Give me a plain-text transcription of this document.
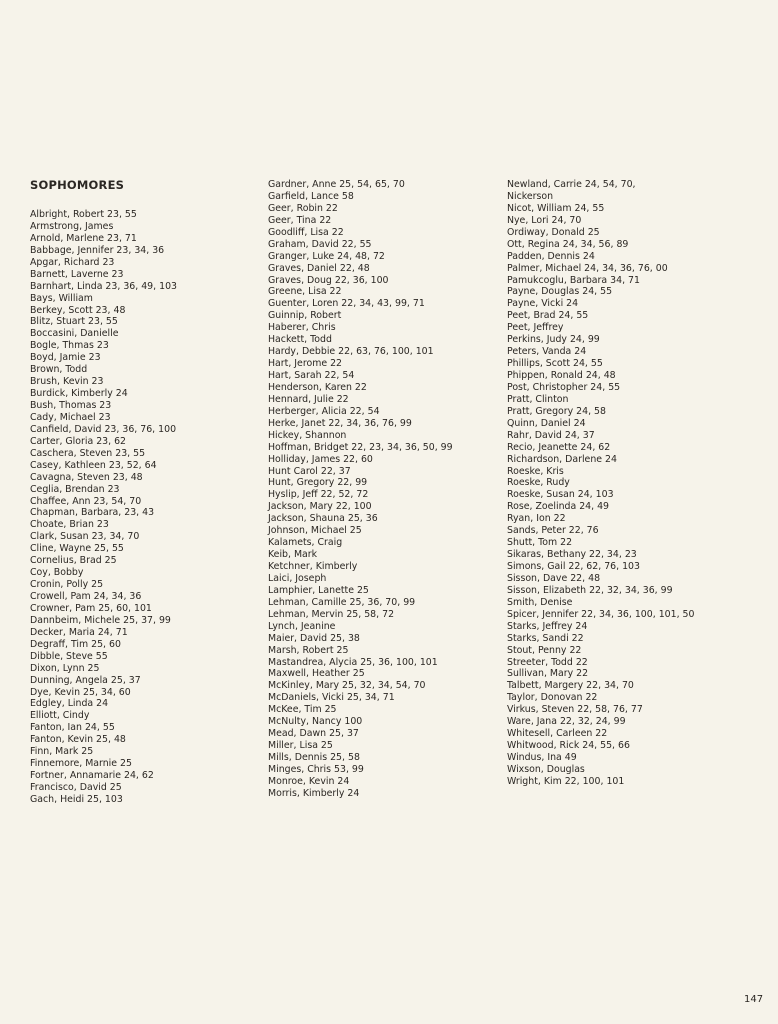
SOPHOMORES
Albright, Robert 23, 55
Armstrong, James
Arnold, Marlene 23, 71
Babbage, Jennifer 23, 34, 36
Apgar, Richard 23
Barnett, Laverne 23
Barnhart, Linda 23, 36, 49, 103
Bays, William
Berkey, Scott 23, 48
Blitz, Stuart 23, 55
Boccasini, Danielle
Bogle, Thmas 23
Boyd, Jamie 23
Brown, Todd
Brush, Kevin 23
Burdick, Kimberly 24
Bush, Thomas 23
Cady, Michael 23
Canfield, David 23, 36, 76, 100
Carter, Gloria 23, 62
Caschera, Steven 23, 55
Casey, Kathleen 23, 52, 64
Cavagna, Steven 23, 48
Ceglia, Brendan 23
Chaffee, Ann 23, 54, 70
Chapman, Barbara, 23, 43
Choate, Brian 23
Clark, Susan 23, 34, 70
Cline, Wayne 25, 55
Cornelius, Brad 25
Coy, Bobby
Cronin, Polly 25
Crowell, Pam 24, 34, 36
Crowner, Pam 25, 60, 101
Dannbeim, Michele 25, 37, 99
Decker, Maria 24, 71
Degraff, Tim 25, 60
Dibble, Steve 55
Dixon, Lynn 25
Dunning, Angela 25, 37
Dye, Kevin 25, 34, 60
Edgley, Linda 24
Elliott, Cindy
Fanton, Ian 24, 55
Fanton, Kevin 25, 48
Finn, Mark 25
Finnemore, Marnie 25
Fortner, Annamarie 24, 62
Francisco, David 25
Gach, Heidi 25, 103
Gardner, Anne 25, 54, 65, 70
Garfield, Lance 58
Geer, Robin 22
Geer, Tina 22
Goodliff, Lisa 22
Graham, David 22, 55
Granger, Luke 24, 48, 72
Graves, Daniel 22, 48
Graves, Doug 22, 36, 100
Greene, Lisa 22
Guenter, Loren 22, 34, 43, 99, 71
Guinnip, Robert
Haberer, Chris
Hackett, Todd
Hardy, Debbie 22, 63, 76, 100, 101
Hart, Jerome 22
Hart, Sarah 22, 54
Henderson, Karen 22
Hennard, Julie 22
Herberger, Alicia 22, 54
Herke, Janet 22, 34, 36, 76, 99
Hickey, Shannon
Hoffman, Bridget 22, 23, 34, 36, 50, 99
Holliday, James 22, 60
Hunt Carol 22, 37
Hunt, Gregory 22, 99
Hyslip, Jeff 22, 52, 72
Jackson, Mary 22, 100
Jackson, Shauna 25, 36
Johnson, Michael 25
Kalamets, Craig
Keib, Mark
Ketchner, Kimberly
Laici, Joseph
Lamphier, Lanette 25
Lehman, Camille 25, 36, 70, 99
Lehman, Mervin 25, 58, 72
Lynch, Jeanine
Maier, David 25, 38
Marsh, Robert 25
Mastandrea, Alycia 25, 36, 100, 101
Maxwell, Heather 25
McKinley, Mary 25, 32, 34, 54, 70
McDaniels, Vicki 25, 34, 71
McKee, Tim 25
McNulty, Nancy 100
Mead, Dawn 25, 37
Miller, Lisa 25
Mills, Dennis 25, 58
Minges, Chris 53, 99
Monroe, Kevin 24
Morris, Kimberly 24
Newland, Carrie 24, 54, 70,
Nickerson
Nicot, William 24, 55
Nye, Lori 24, 70
Ordiway, Donald 25
Ott, Regina 24, 34, 56, 89
Padden, Dennis 24
Palmer, Michael 24, 34, 36, 76, 00
Pamukcoglu, Barbara 34, 71
Payne, Douglas 24, 55
Payne, Vicki 24
Peet, Brad 24, 55
Peet, Jeffrey
Perkins, Judy 24, 99
Peters, Vanda 24
Phillips, Scott 24, 55
Phippen, Ronald 24, 48
Post, Christopher 24, 55
Pratt, Clinton
Pratt, Gregory 24, 58
Quinn, Daniel 24
Rahr, David 24, 37
Recio, Jeanette 24, 62
Richardson, Darlene 24
Roeske, Kris
Roeske, Rudy
Roeske, Susan 24, 103
Rose, Zoelinda 24, 49
Ryan, Ion 22
Sands, Peter 22, 76
Shutt, Tom 22
Sikaras, Bethany 22, 34, 23
Simons, Gail 22, 62, 76, 103
Sisson, Dave 22, 48
Sisson, Elizabeth 22, 32, 34, 36, 99
Smith, Denise
Spicer, Jennifer 22, 34, 36, 100, 101, 50
Starks, Jeffrey 24
Starks, Sandi 22
Stout, Penny 22
Streeter, Todd 22
Sullivan, Mary 22
Talbett, Margery 22, 34, 70
Taylor, Donovan 22
Virkus, Steven 22, 58, 76, 77
Ware, Jana 22, 32, 24, 99
Whitesell, Carleen 22
Whitwood, Rick 24, 55, 66
Windus, Ina 49
Wixson, Douglas
Wright, Kim 22, 100, 101
147
